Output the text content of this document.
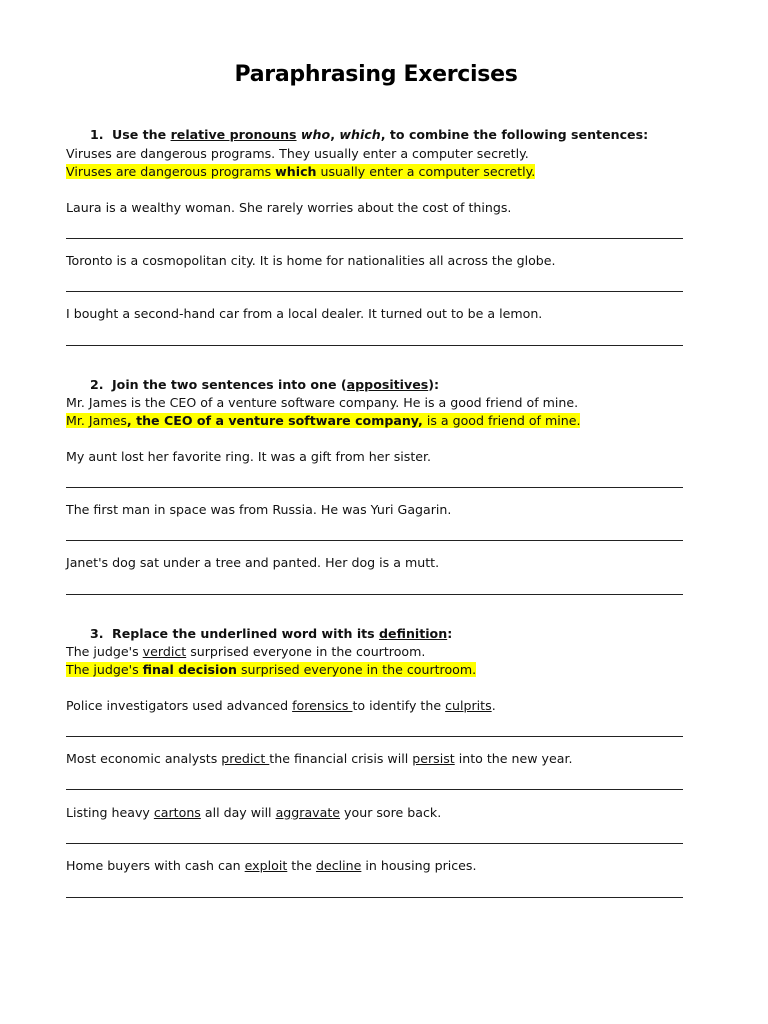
Paraphrasing Exercises
1. Use the relative pronouns who, which, to combine the following sentences:
Viruses are dangerous programs. They usually enter a computer secretly.
Viruses are dangerous programs which usually enter a computer secretly.
Laura is a wealthy woman. She rarely worries about the cost of things.
Toronto is a cosmopolitan city. It is home for nationalities all across the globe.
I bought a second-hand car from a local dealer. It turned out to be a lemon.
2. Join the two sentences into one (appositives):
Mr. James is the CEO of a venture software company. He is a good friend of mine.
Mr. James, the CEO of a venture software company, is a good friend of mine.
My aunt lost her favorite ring. It was a gift from her sister.
The first man in space was from Russia. He was Yuri Gagarin.
Janet's dog sat under a tree and panted. Her dog is a mutt.
3. Replace the underlined word with its definition:
The judge's verdict surprised everyone in the courtroom.
The judge's final decision surprised everyone in the courtroom.
Police investigators used advanced forensics to identify the culprits.
Most economic analysts predict the financial crisis will persist into the new year.
Listing heavy cartons all day will aggravate your sore back.
Home buyers with cash can exploit the decline in housing prices.
